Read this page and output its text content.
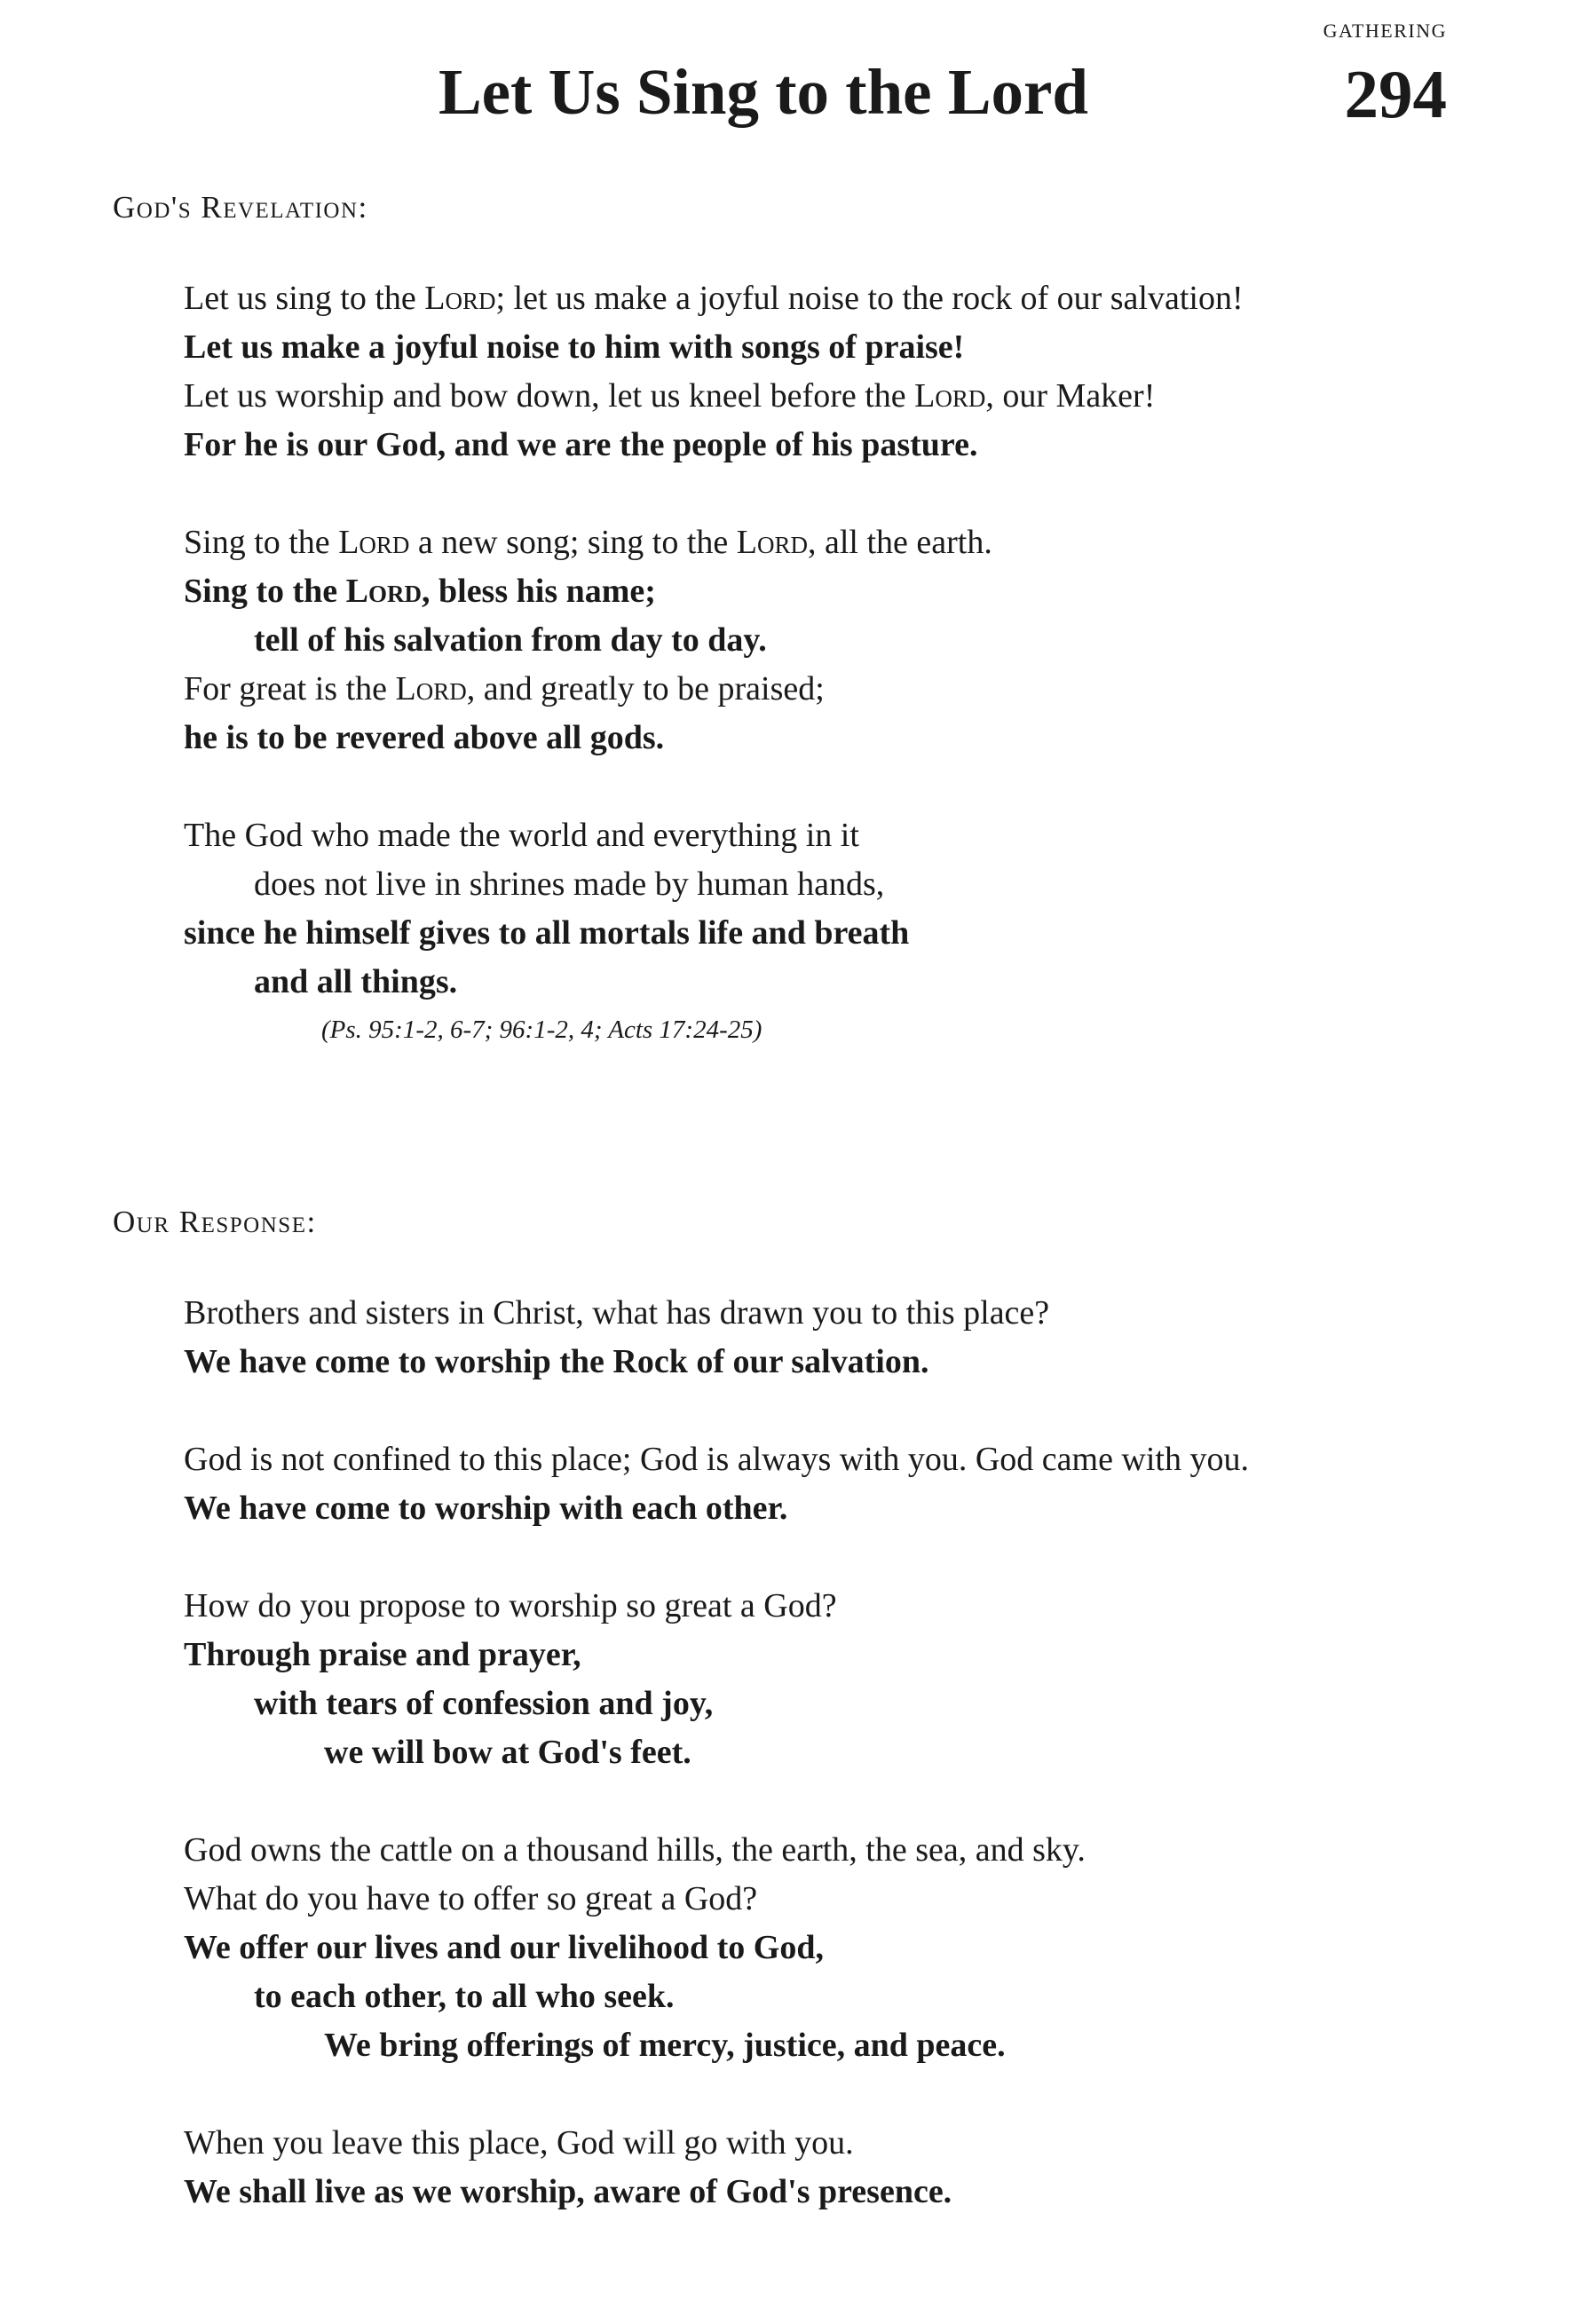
gathering
Let Us Sing to the Lord	294
God's Revelation:
Let us sing to the Lord; let us make a joyful noise to the rock of our salvation!
Let us make a joyful noise to him with songs of praise!
Let us worship and bow down, let us kneel before the Lord, our Maker!
For he is our God, and we are the people of his pasture.
Sing to the Lord a new song; sing to the Lord, all the earth.
Sing to the Lord, bless his name;
tell of his salvation from day to day.
For great is the Lord, and greatly to be praised;
he is to be revered above all gods.
The God who made the world and everything in it
does not live in shrines made by human hands,
since he himself gives to all mortals life and breath
and all things.
(Ps. 95:1-2, 6-7; 96:1-2, 4; Acts 17:24-25)
Our Response:
Brothers and sisters in Christ, what has drawn you to this place?
We have come to worship the Rock of our salvation.
God is not confined to this place; God is always with you. God came with you.
We have come to worship with each other.
How do you propose to worship so great a God?
Through praise and prayer,
with tears of confession and joy,
we will bow at God's feet.
God owns the cattle on a thousand hills, the earth, the sea, and sky.
What do you have to offer so great a God?
We offer our lives and our livelihood to God,
to each other, to all who seek.
We bring offerings of mercy, justice, and peace.
When you leave this place, God will go with you.
We shall live as we worship, aware of God's presence.
